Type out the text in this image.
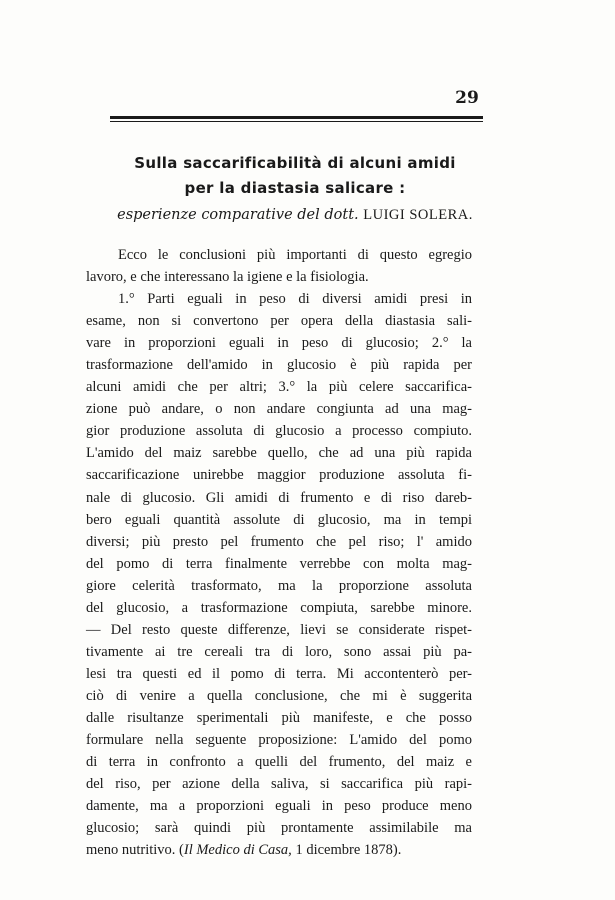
29
Sulla saccarificabilità di alcuni amidi
per la diastasia salicare :
esperienze comparative del dott. LUIGI SOLERA.
Ecco le conclusioni più importanti di questo egregio
lavoro, e che interessano la igiene e la fisiologia.
1.° Parti eguali in peso di diversi amidi presi in
esame, non si convertono per opera della diastasia sali-
vare in proporzioni eguali in peso di glucosio; 2.° la
trasformazione dell'amido in glucosio è più rapida per
alcuni amidi che per altri; 3.° la più celere saccarifica-
zione può andare, o non andare congiunta ad una mag-
gior produzione assoluta di glucosio a processo compiuto.
L'amido del maiz sarebbe quello, che ad una più rapida
saccarificazione unirebbe maggior produzione assoluta fi-
nale di glucosio. Gli amidi di frumento e di riso dareb-
bero eguali quantità assolute di glucosio, ma in tempi
diversi; più presto pel frumento che pel riso; l' amido
del pomo di terra finalmente verrebbe con molta mag-
giore celerità trasformato, ma la proporzione assoluta
del glucosio, a trasformazione compiuta, sarebbe minore.
— Del resto queste differenze, lievi se considerate rispet-
tivamente ai tre cereali tra di loro, sono assai più pa-
lesi tra questi ed il pomo di terra. Mi accontenterò per-
ciò di venire a quella conclusione, che mi è suggerita
dalle risultanze sperimentali più manifeste, e che posso
formulare nella seguente proposizione: L'amido del pomo
di terra in confronto a quelli del frumento, del maiz e
del riso, per azione della saliva, si saccarifica più rapi-
damente, ma a proporzioni eguali in peso produce meno
glucosio; sarà quindi più prontamente assimilabile ma
meno nutritivo. (Il Medico di Casa, 1 dicembre 1878).
